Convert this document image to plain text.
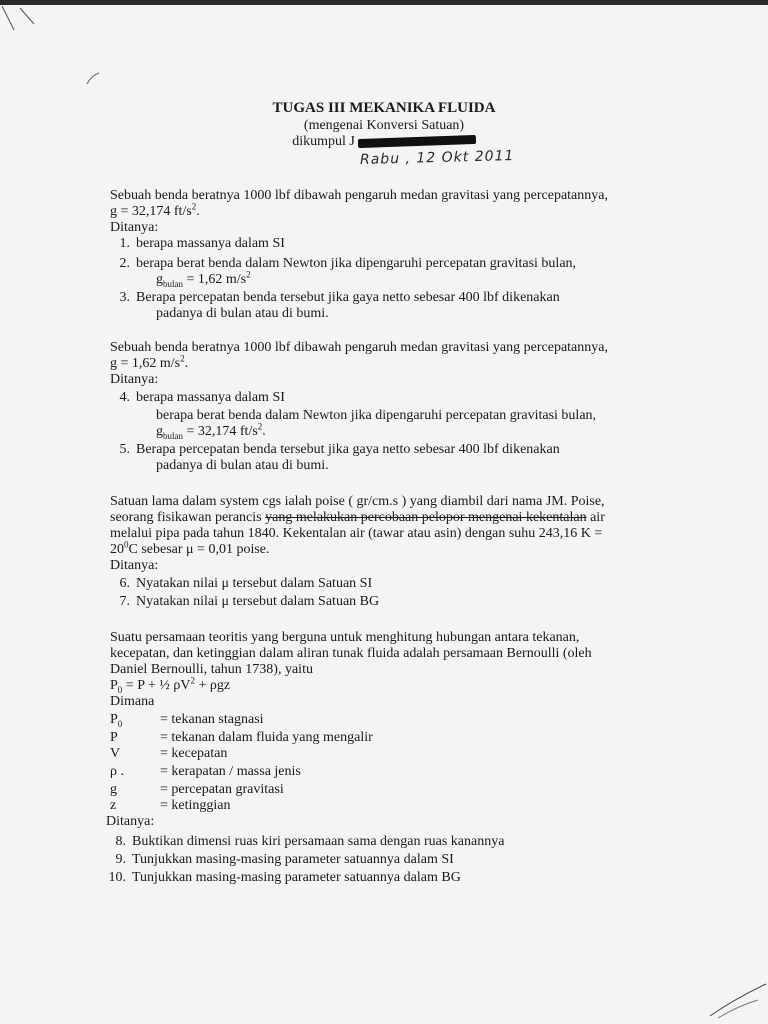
TUGAS III MEKANIKA FLUIDA
(mengenai Konversi Satuan)
dikumpul J
Rabu , 12 Okt 2011
Sebuah benda beratnya 1000 lbf dibawah pengaruh medan gravitasi yang percepatannya,
g = 32,174 $ft/s^2$.
Ditanya:
1. berapa massanya dalam SI
2. berapa berat benda dalam Newton jika dipengaruhi percepatan gravitasi bulan,
$g_{bulan} = 1,62$ $m/s^2$
3. Berapa percepatan benda tersebut jika gaya netto sebesar 400 lbf dikenakan
padanya di bulan atau di bumi.
Sebuah benda beratnya 1000 lbf dibawah pengaruh medan gravitasi yang percepatannya,
g = 1,62 $m/s^2$.
Ditanya:
4. berapa massanya dalam SI
berapa berat benda dalam Newton jika dipengaruhi percepatan gravitasi bulan,
$g_{bulan} = 32,174$ $ft/s^2$.
5. Berapa percepatan benda tersebut jika gaya netto sebesar 400 lbf dikenakan
padanya di bulan atau di bumi.
Satuan lama dalam system cgs ialah poise ( gr/cm.s ) yang diambil dari nama JM. Poise,
seorang fisikawan perancis yang melakukan percobaan pelopor mengenai kekentalan air
melalui pipa pada tahun 1840. Kekentalan air (tawar atau asin) dengan suhu 243,16 K =
$20^0C$ sebesar μ = 0,01 poise.
Ditanya:
6. Nyatakan nilai μ tersebut dalam Satuan SI
7. Nyatakan nilai μ tersebut dalam Satuan BG
Suatu persamaan teoritis yang berguna untuk menghitung hubungan antara tekanan,
kecepatan, dan ketinggian dalam aliran tunak fluida adalah persamaan Bernoulli (oleh
Daniel Bernoulli, tahun 1738), yaitu
$P_0 = P$ + ½ $\rho V^2 + \rho gz$
Dimana
$P_0$	= tekanan stagnasi
P	= tekanan dalam fluida yang mengalir
V	= kecepatan
ρ .	= kerapatan / massa jenis
g	= percepatan gravitasi
z	= ketinggian
Ditanya:
8. Buktikan dimensi ruas kiri persamaan sama dengan ruas kanannya
9. Tunjukkan masing-masing parameter satuannya dalam SI
10. Tunjukkan masing-masing parameter satuannya dalam BG
